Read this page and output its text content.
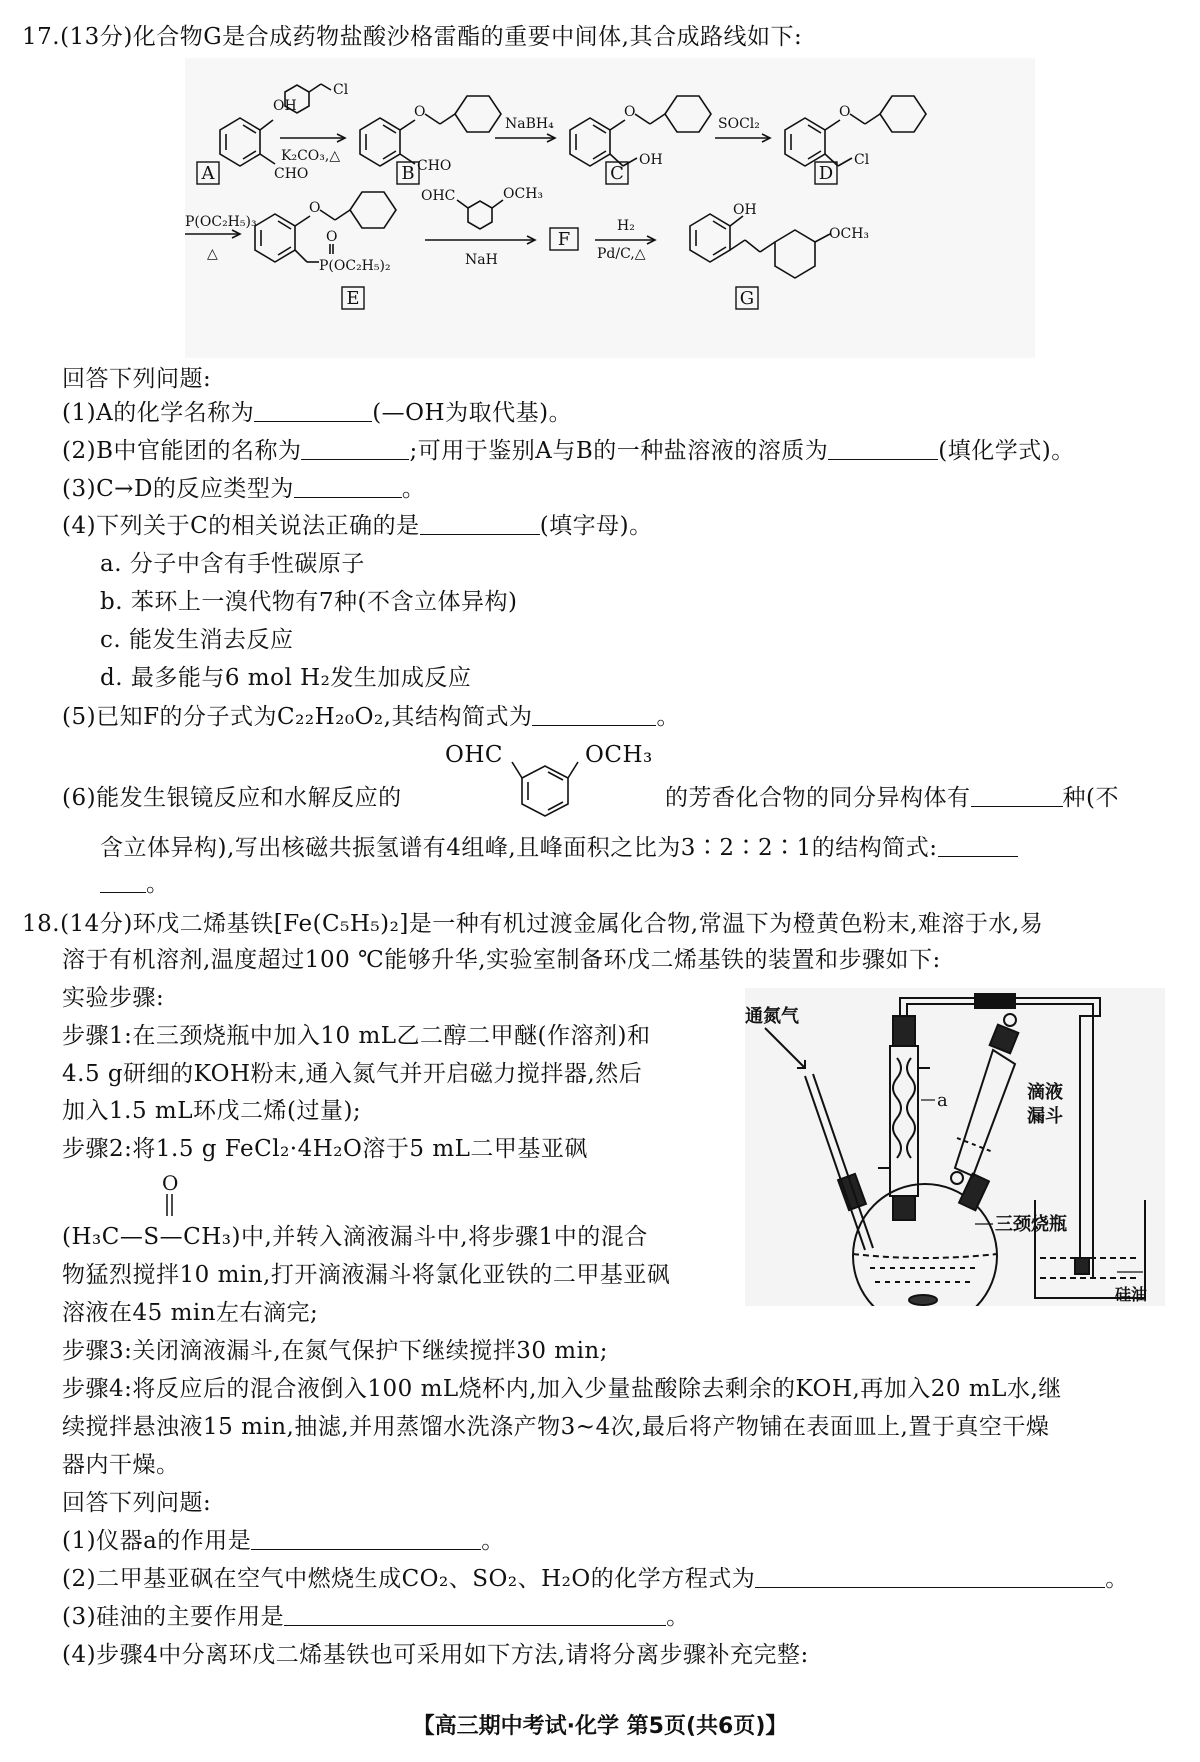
17.(13分)化合物G是合成药物盐酸沙格雷酯的重要中间体,其合成路线如下:
OH
CHO
Cl
K₂CO₃,△
O
CHO
NaBH₄
O
OH
SOCl₂
O
Cl
P(OC₂H₅)₃
△
O
O
P(OC₂H₅)₂
OHC	OCH₃
NaH
H₂
Pd/C,△
OH
OCH₃
A	B	C	D
E
F
G
回答下列问题:
(1)A的化学名称为	(—OH为取代基)。
(2)B中官能团的名称为	;可用于鉴别A与B的一种盐溶液的溶质为	(填化学式)。
(3)C→D的反应类型为	。
(4)下列关于C的相关说法正确的是	(填字母)。
a. 分子中含有手性碳原子
b. 苯环上一溴代物有7种(不含立体异构)
c. 能发生消去反应
d. 最多能与6 mol H₂发生加成反应
(5)已知F的分子式为C₂₂H₂₀O₂,其结构简式为	。
OHC	OCH₃
(6)能发生银镜反应和水解反应的	的芳香化合物的同分异构体有	种(不
含立体异构),写出核磁共振氢谱有4组峰,且峰面积之比为3∶2∶2∶1的结构简式:
。
18.(14分)环戊二烯基铁[Fe(C₅H₅)₂]是一种有机过渡金属化合物,常温下为橙黄色粉末,难溶于水,易
溶于有机溶剂,温度超过100 ℃能够升华,实验室制备环戊二烯基铁的装置和步骤如下:
实验步骤:
步骤1:在三颈烧瓶中加入10 mL乙二醇二甲醚(作溶剂)和
4.5 g研细的KOH粉末,通入氮气并开启磁力搅拌器,然后
加入1.5 mL环戊二烯(过量);
步骤2:将1.5 g FeCl₂·4H₂O溶于5 mL二甲基亚砜
O
(H₃C—S—CH₃)中,并转入滴液漏斗中,将步骤1中的混合
物猛烈搅拌10 min,打开滴液漏斗将氯化亚铁的二甲基亚砜
溶液在45 min左右滴完;
步骤3:关闭滴液漏斗,在氮气保护下继续搅拌30 min;
步骤4:将反应后的混合液倒入100 mL烧杯内,加入少量盐酸除去剩余的KOH,再加入20 mL水,继
续搅拌悬浊液15 min,抽滤,并用蒸馏水洗涤产物3~4次,最后将产物铺在表面皿上,置于真空干燥
器内干燥。
回答下列问题:
(1)仪器a的作用是	。
(2)二甲基亚砜在空气中燃烧生成CO₂、SO₂、H₂O的化学方程式为	。
(3)硅油的主要作用是	。
(4)步骤4中分离环戊二烯基铁也可采用如下方法,请将分离步骤补充完整:
通氮气
a	滴液
漏斗
三颈烧瓶
硅油
【高三期中考试·化学 第5页(共6页)】
